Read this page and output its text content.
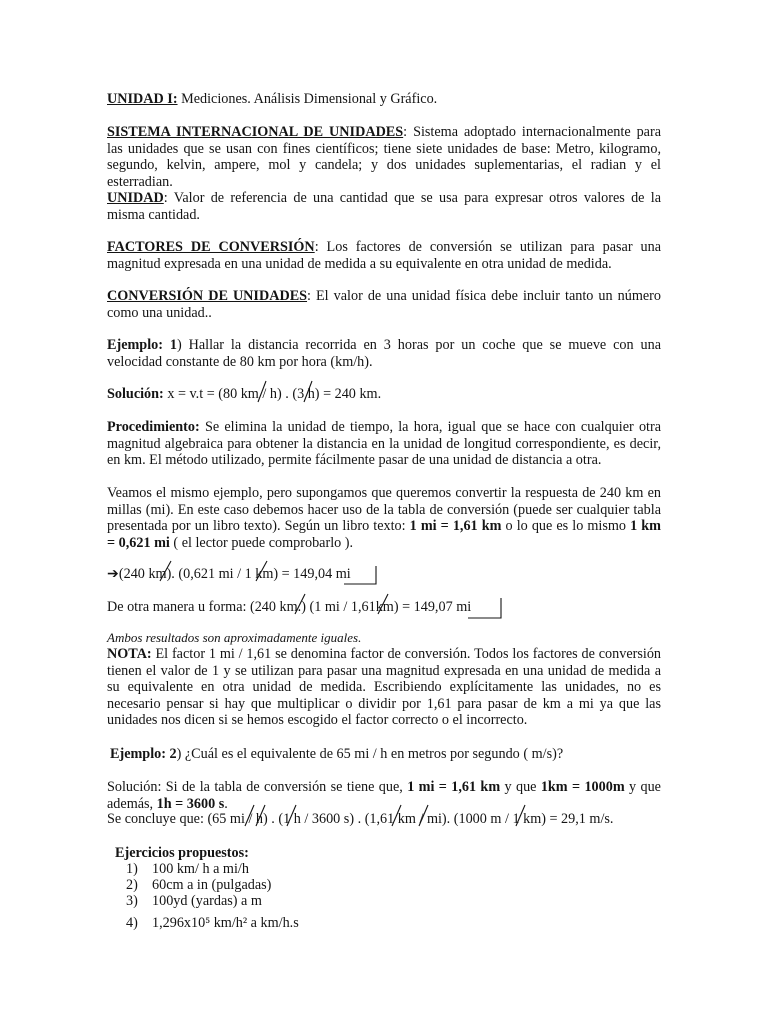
UNIDAD I: Mediciones. Análisis Dimensional y Gráfico.

SISTEMA INTERNACIONAL DE UNIDADES: Sistema adoptado internacionalmente para las unidades que se usan con fines científicos; tiene siete unidades de base: Metro, kilogramo, segundo, kelvin, ampere, mol y candela; y dos unidades suplementarias, el radian y el esterradian.

UNIDAD: Valor de referencia de una cantidad que se usa para expresar otros valores de la misma cantidad.

FACTORES DE CONVERSIÓN: Los factores de conversión se utilizan para pasar una magnitud expresada en una unidad de medida a su equivalente en otra unidad de medida.

CONVERSIÓN DE UNIDADES: El valor de una unidad física debe incluir tanto un número como una unidad..

Ejemplo: 1) Hallar la distancia recorrida en 3 horas por un coche que se mueve con una velocidad constante de 80 km por hora (km/h).

Solución: x = v.t = (80 km / h) . (3 h) = 240 km.

Procedimiento: Se elimina la unidad de tiempo, la hora, igual que se hace con cualquier otra magnitud algebraica para obtener la distancia en la unidad de longitud correspondiente, es decir, en km. El método utilizado, permite fácilmente pasar de una unidad de distancia a otra.

Veamos el mismo ejemplo, pero supongamos que queremos convertir la respuesta de 240 km en millas (mi). En este caso debemos hacer uso de la tabla de conversión (puede ser cualquier tabla presentada por un libro texto). Según un libro texto: 1 mi = 1,61 km o lo que es lo mismo 1 km = 0,621 mi ( el lector puede comprobarlo ).

➔(240 km). (0,621 mi / 1 km) = 149,04 mi

De otra manera u forma: (240 km.) (1 mi / 1,61km) = 149,07 mi

Ambos resultados son aproximadamente iguales.

NOTA: El factor 1 mi / 1,61 se denomina factor de conversión. Todos los factores de conversión tienen el valor de 1 y se utilizan para pasar una magnitud expresada en una unidad de medida a su equivalente en otra unidad de medida. Escribiendo explícitamente las unidades, no es necesario pensar si hay que multiplicar o dividir por 1,61 para pasar de km a mi ya que las unidades nos dicen si se hemos escogido el factor correcto o el incorrecto.

Ejemplo: 2) ¿Cuál es el equivalente de 65 mi / h en metros por segundo ( m/s)?

Solución: Si de la tabla de conversión se tiene que, 1 mi = 1,61 km y que 1km = 1000m y que además, 1h = 3600 s.

Se concluye que: (65 mi / h) . (1 h / 3600 s) . (1,61 km / mi). (1000 m / 1 km) = 29,1 m/s.

Ejercicios propuestos:

1) 100 km/ h a mi/h

2) 60cm a in (pulgadas)

3) 100yd (yardas) a m

4) 1,296x10⁵ km/h² a km/h.s
